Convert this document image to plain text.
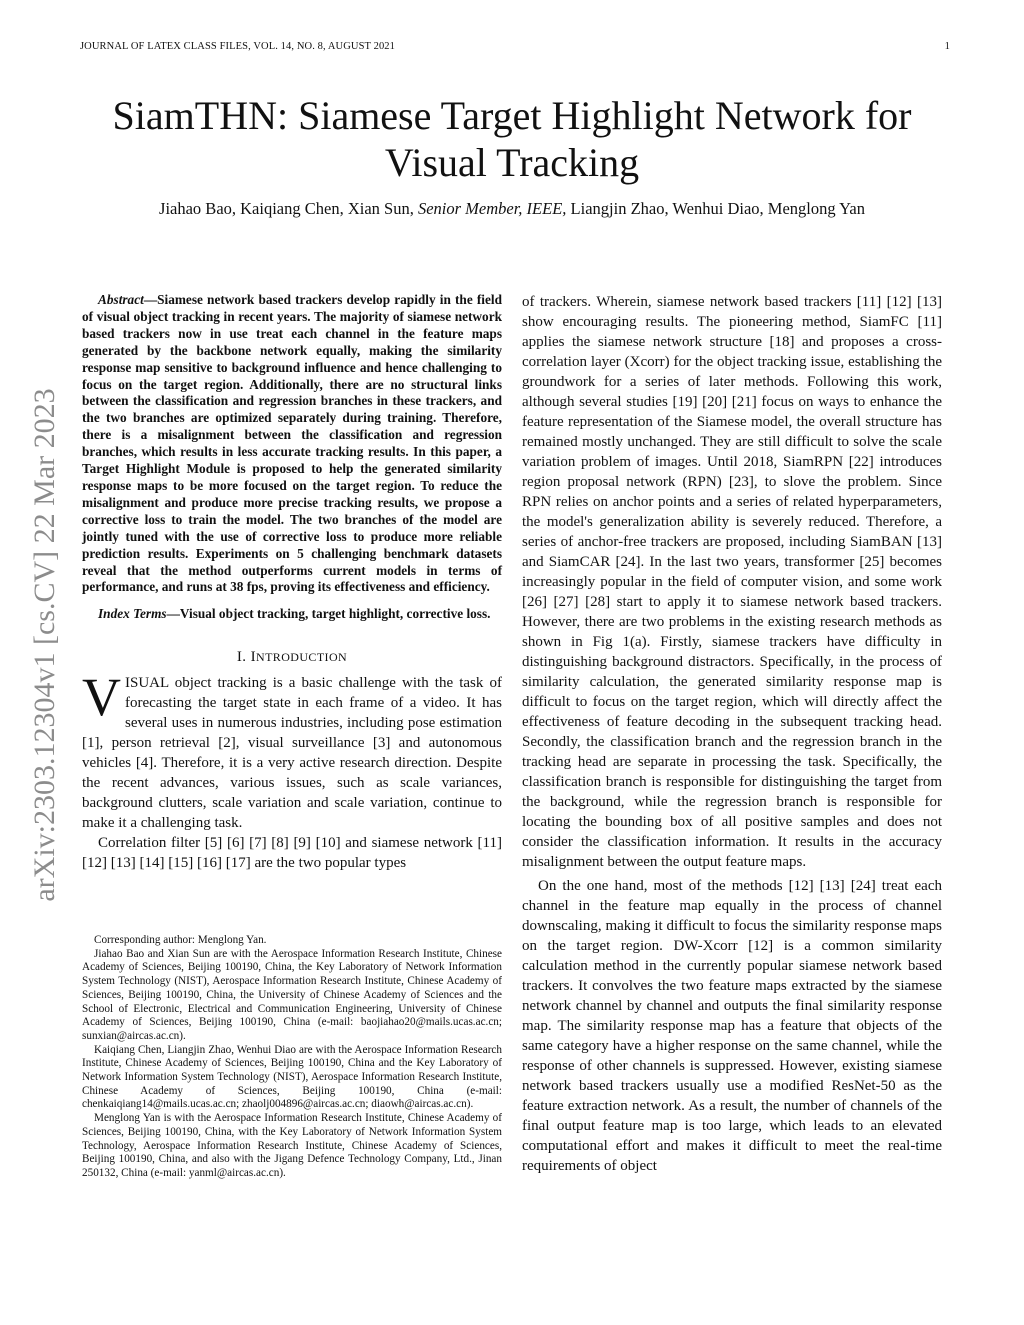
JOURNAL OF LATEX CLASS FILES, VOL. 14, NO. 8, AUGUST 2021	1
SiamTHN: Siamese Target Highlight Network for Visual Tracking
Jiahao Bao, Kaiqiang Chen, Xian Sun, Senior Member, IEEE, Liangjin Zhao, Wenhui Diao, Menglong Yan
arXiv:2303.12304v1 [cs.CV] 22 Mar 2023

Abstract—Siamese network based trackers develop rapidly in the field of visual object tracking in recent years. The majority of siamese network based trackers now in use treat each channel in the feature maps generated by the backbone network equally, making the similarity response map sensitive to background influence and hence challenging to focus on the target region. Additionally, there are no structural links between the classification and regression branches in these trackers, and the two branches are optimized separately during training. Therefore, there is a misalignment between the classification and regression branches, which results in less accurate tracking results. In this paper, a Target Highlight Module is proposed to help the generated similarity response maps to be more focused on the target region. To reduce the misalignment and produce more precise tracking results, we propose a corrective loss to train the model. The two branches of the model are jointly tuned with the use of corrective loss to produce more reliable prediction results. Experiments on 5 challenging benchmark datasets reveal that the method outperforms current models in terms of performance, and runs at 38 fps, proving its effectiveness and efficiency.

Index Terms—Visual object tracking, target highlight, corrective loss.

I. INTRODUCTION

VISUAL object tracking is a basic challenge with the task of forecasting the target state in each frame of a video. It has several uses in numerous industries, including pose estimation [1], person retrieval [2], visual surveillance [3] and autonomous vehicles [4]. Therefore, it is a very active research direction. Despite the recent advances, various issues, such as scale variances, background clutters, scale variation and scale variation, continue to make it a challenging task.

Correlation filter [5] [6] [7] [8] [9] [10] and siamese network [11] [12] [13] [14] [15] [16] [17] are the two popular types

Corresponding author: Menglong Yan.

Jiahao Bao and Xian Sun are with the Aerospace Information Research Institute, Chinese Academy of Sciences, Beijing 100190, China, the Key Laboratory of Network Information System Technology (NIST), Aerospace Information Research Institute, Chinese Academy of Sciences, Beijing 100190, China, the University of Chinese Academy of Sciences and the School of Electronic, Electrical and Communication Engineering, University of Chinese Academy of Sciences, Beijing 100190, China (e-mail: baojiahao20@mails.ucas.ac.cn; sunxian@aircas.ac.cn).

Kaiqiang Chen, Liangjin Zhao, Wenhui Diao are with the Aerospace Information Research Institute, Chinese Academy of Sciences, Beijing 100190, China and the Key Laboratory of Network Information System Technology (NIST), Aerospace Information Research Institute, Chinese Academy of Sciences, Beijing 100190, China (e-mail: chenkaiqiang14@mails.ucas.ac.cn; zhaolj004896@aircas.ac.cn; diaowh@aircas.ac.cn).

Menglong Yan is with the Aerospace Information Research Institute, Chinese Academy of Sciences, Beijing 100190, China, with the Key Laboratory of Network Information System Technology, Aerospace Information Research Institute, Chinese Academy of Sciences, Beijing 100190, China, and also with the Jigang Defence Technology Company, Ltd., Jinan 250132, China (e-mail: yanml@aircas.ac.cn).

of trackers. Wherein, siamese network based trackers [11] [12] [13] show encouraging results. The pioneering method, SiamFC [11] applies the siamese network structure [18] and proposes a cross-correlation layer (Xcorr) for the object tracking issue, establishing the groundwork for a series of later methods. Following this work, although several studies [19] [20] [21] focus on ways to enhance the feature representation of the Siamese model, the overall structure has remained mostly unchanged. They are still difficult to solve the scale variation problem of images. Until 2018, SiamRPN [22] introduces region proposal network (RPN) [23], to slove the problem. Since RPN relies on anchor points and a series of related hyperparameters, the model's generalization ability is severely reduced. Therefore, a series of anchor-free trackers are proposed, including SiamBAN [13] and SiamCAR [24]. In the last two years, transformer [25] becomes increasingly popular in the field of computer vision, and some work [26] [27] [28] start to apply it to siamese network based trackers. However, there are two problems in the existing research methods as shown in Fig 1(a). Firstly, siamese trackers have difficulty in distinguishing background distractors. Specifically, in the process of similarity calculation, the generated similarity response map is difficult to focus on the target region, which will directly affect the effectiveness of feature decoding in the subsequent tracking head. Secondly, the classification branch and the regression branch in the tracking head are separate in processing the task. Specifically, the classification branch is responsible for distinguishing the target from the background, while the regression branch is responsible for locating the bounding box of all positive samples and does not consider the classification information. It results in the accuracy misalignment between the output feature maps.

On the one hand, most of the methods [12] [13] [24] treat each channel in the feature map equally in the process of channel downscaling, making it difficult to focus the similarity response maps on the target region. DW-Xcorr [12] is a common similarity calculation method in the currently popular siamese network based trackers. It convolves the two feature maps extracted by the siamese network channel by channel and outputs the final similarity response map. The similarity response map has a feature that objects of the same category have a higher response on the same channel, while the response of other channels is suppressed. However, existing siamese network based trackers usually use a modified ResNet-50 as the feature extraction network. As a result, the number of channels of the final output feature map is too large, which leads to an elevated computational effort and makes it difficult to meet the real-time requirements of object
